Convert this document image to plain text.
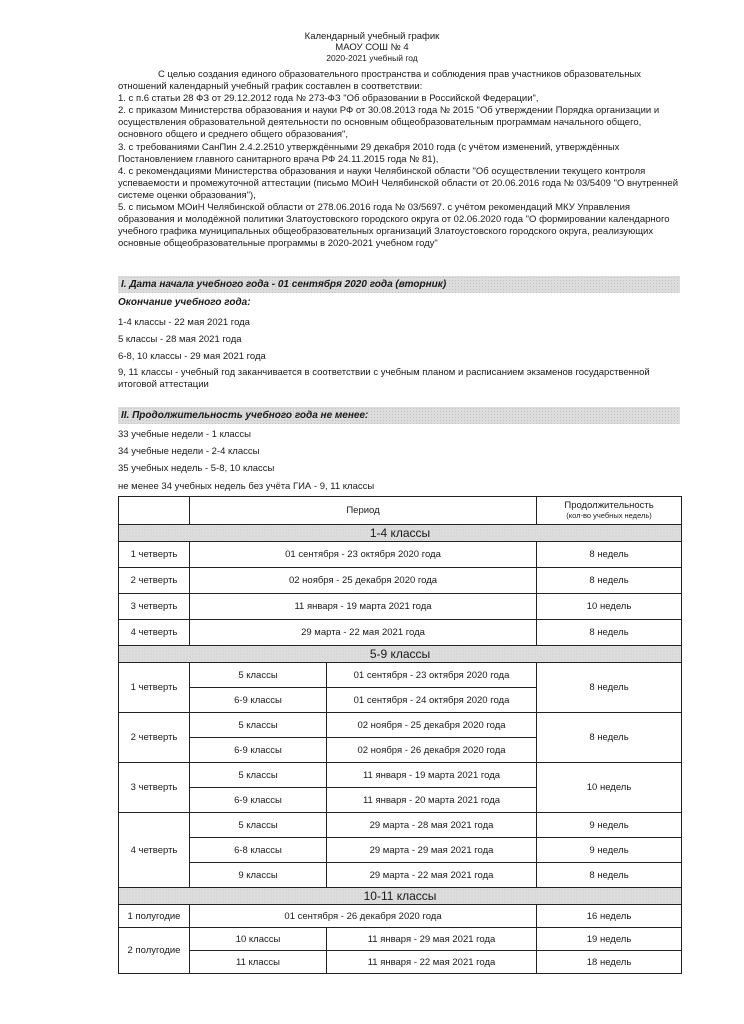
Календарный учебный график
МАОУ СОШ № 4
2020-2021 учебный год

С целью создания единого образовательного пространства и соблюдения прав участников образовательных отношений календарный учебный график составлен в соответствии:

1. с п.6 статьи 28 ФЗ от 29.12.2012 года № 273-ФЗ "Об образовании в Российской Федерации",

2. с приказом Министерства образования и науки РФ от 30.08.2013 года № 2015 "Об утверждении Порядка организации и осуществления образовательной деятельности по основным общеобразовательным программам начального общего, основного общего и среднего общего образования",

3. с требованиями СанПин 2.4.2.2510 утверждёнными 29 декабря 2010 года (с учётом изменений, утверждённых Постановлением главного санитарного врача РФ 24.11.2015 года № 81),

4. с рекомендациями Министерства образования и науки Челябинской области "Об осуществлении текущего контроля успеваемости и промежуточной аттестации (письмо МОиН Челябинской области от 20.06.2016 года № 03/5409 "О внутренней системе оценки образования"),

5. с письмом МОиН Челябинской области от 278.06.2016 года № 03/5697. с учётом рекомендаций МКУ Управления образования и молодёжной политики Златоустовского городского округа от 02.06.2020 года "О формировании календарного учебного графика муниципальных общеобразовательных организаций Златоустовского городского округа, реализующих основные общеобразовательные программы в 2020-2021 учебном году"

I. Дата начала учебного года - 01 сентября 2020 года (вторник)
Окончание учебного года:
1-4 классы - 22 мая 2021 года
5 классы - 28 мая 2021 года
6-8, 10 классы - 29 мая 2021 года
9, 11 классы - учебный год заканчивается в соответствии с учебным планом и расписанием экзаменов государственной итоговой аттестации
II. Продолжительность учебного года не менее:
33 учебные недели - 1 классы
34 учебные недели - 2-4 классы
35 учебных недель - 5-8, 10 классы
не менее 34 учебных недель без учёта ГИА - 9, 11 классы
	Период		Продолжительность
(кол-во учебных недель)

1-4 классы			
1 четверть	01 сентября - 23 октября 2020 года		8 недель
2 четверть	02 ноября - 25 декабря 2020 года		8 недель
3 четверть	11 января - 19 марта 2021 года		10 недель
4 четверть	29 марта - 22 мая 2021 года		8 недель
5-9 классы			
1 четверть	5 классы	01 сентября - 23 октября 2020 года	8 недель
	6-9 классы	01 сентября - 24 октября 2020 года	
2 четверть	5 классы	02 ноября - 25 декабря 2020 года	8 недель
	6-9 классы	02 ноября - 26 декабря 2020 года	
3 четверть	5 классы	11 января - 19 марта 2021 года	10 недель
	6-9 классы	11 января - 20 марта 2021 года	
4 четверть	5 классы	29 марта - 28 мая 2021 года	9 недель
	6-8 классы	29 марта - 29 мая 2021 года	9 недель
	9 классы	29 марта - 22 мая 2021 года	8 недель
10-11 классы			
1 полугодие	01 сентября - 26 декабря 2020 года		16 недель
2 полугодие	10 классы	11 января - 29 мая 2021 года	19 недель
	11 классы	11 января - 22 мая 2021 года	18 недель
